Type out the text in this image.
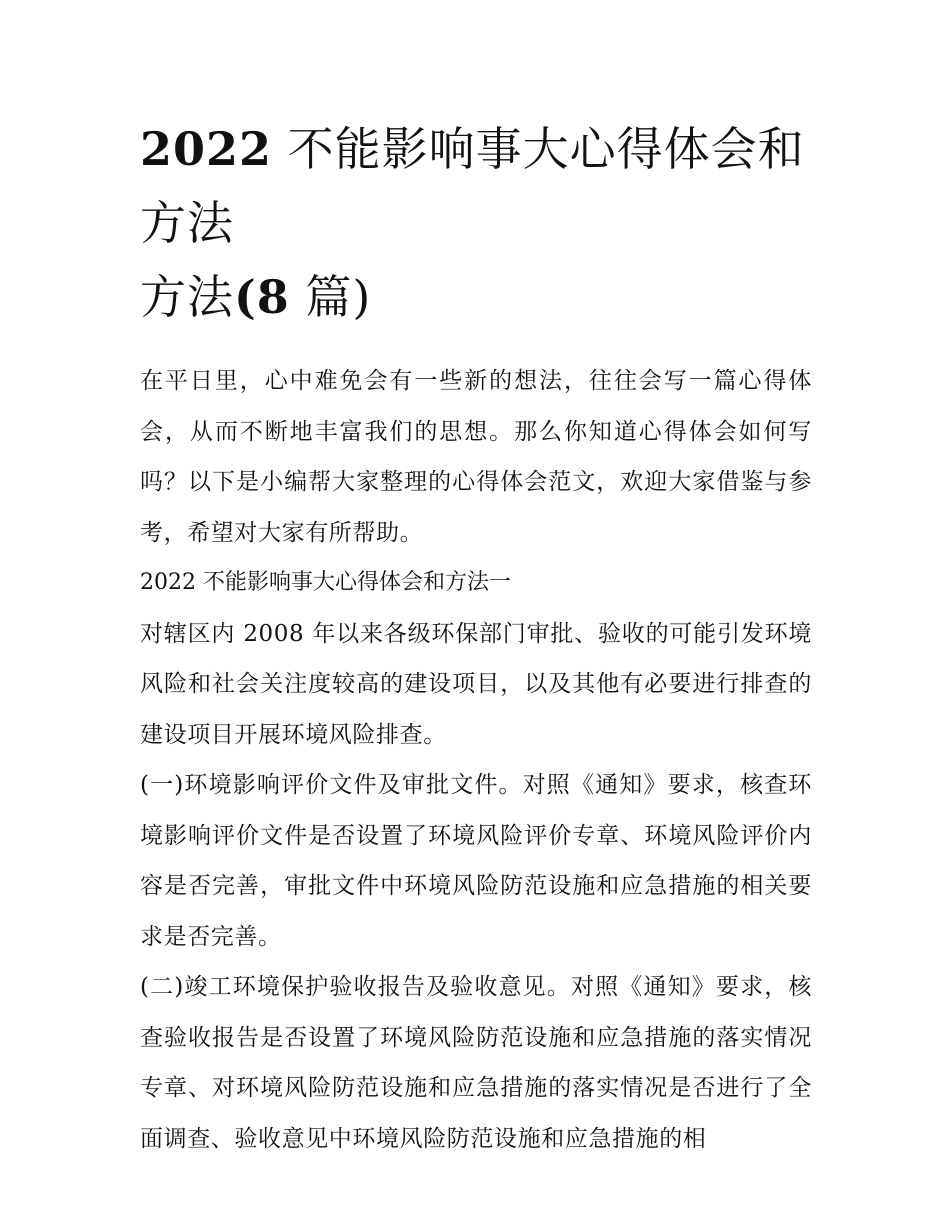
2022 不能影响事大心得体会和方法
方法(8 篇)

在平日里，心中难免会有一些新的想法，往往会写一篇心得体会，从而不断地丰富我们的思想。那么你知道心得体会如何写吗？以下是小编帮大家整理的心得体会范文，欢迎大家借鉴与参考，希望对大家有所帮助。

2022 不能影响事大心得体会和方法一

对辖区内 2008 年以来各级环保部门审批、验收的可能引发环境风险和社会关注度较高的建设项目，以及其他有必要进行排查的建设项目开展环境风险排查。

(一)环境影响评价文件及审批文件。对照《通知》要求，核查环境影响评价文件是否设置了环境风险评价专章、环境风险评价内容是否完善，审批文件中环境风险防范设施和应急措施的相关要求是否完善。

(二)竣工环境保护验收报告及验收意见。对照《通知》要求，核查验收报告是否设置了环境风险防范设施和应急措施的落实情况专章、对环境风险防范设施和应急措施的落实情况是否进行了全面调查、验收意见中环境风险防范设施和应急措施的相
